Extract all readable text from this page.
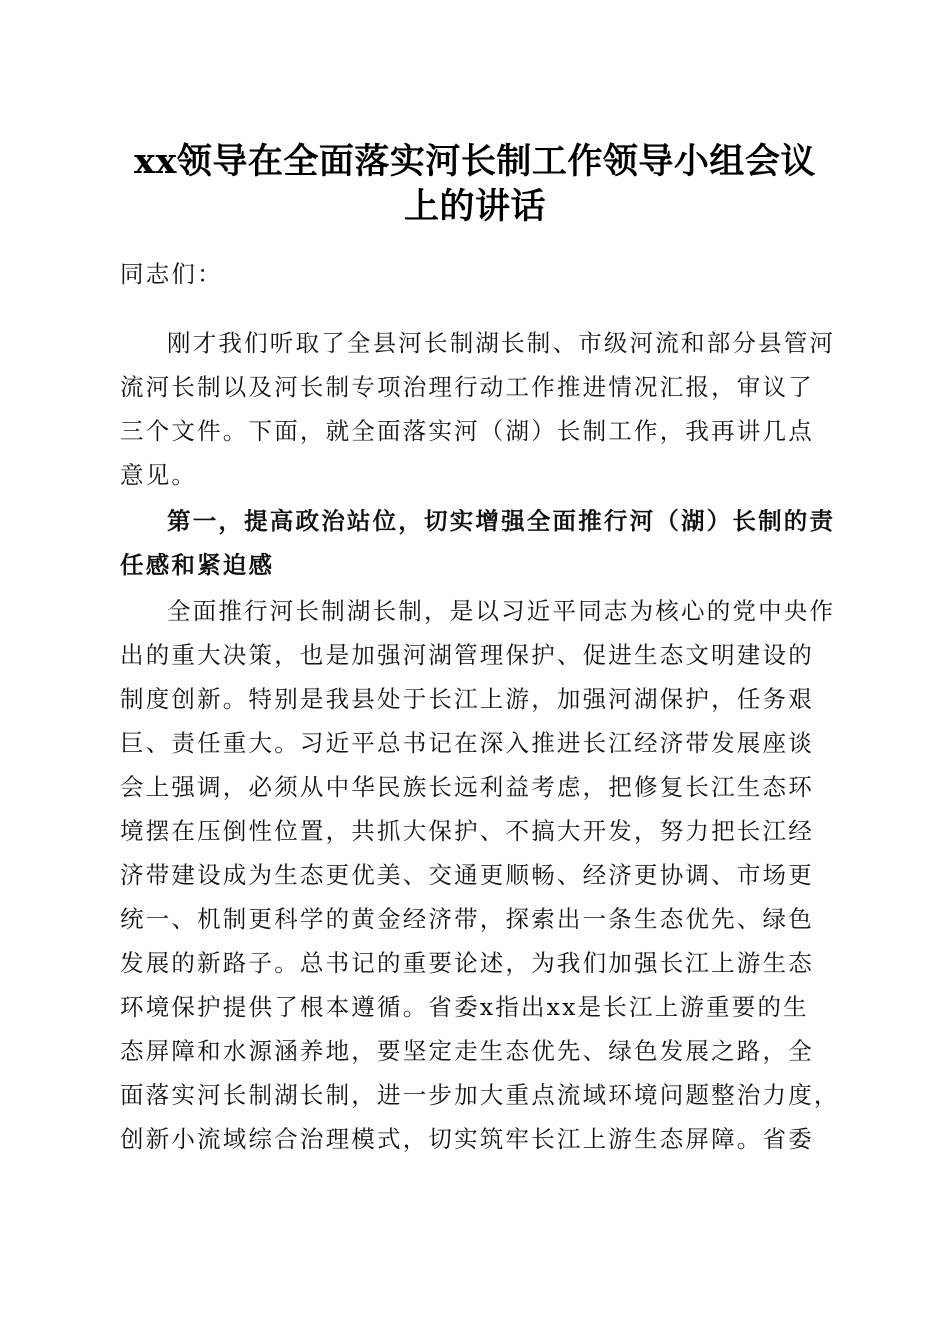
xx领导在全面落实河长制工作领导小组会议
上的讲话
同志们：
刚才我们听取了全县河长制湖长制、市级河流和部分县管河
流河长制以及河长制专项治理行动工作推进情况汇报，审议了
三个文件。下面，就全面落实河（湖）长制工作，我再讲几点
意见。
第一，提高政治站位，切实增强全面推行河（湖）长制的责
任感和紧迫感
全面推行河长制湖长制，是以习近平同志为核心的党中央作
出的重大决策，也是加强河湖管理保护、促进生态文明建设的
制度创新。特别是我县处于长江上游，加强河湖保护，任务艰
巨、责任重大。习近平总书记在深入推进长江经济带发展座谈
会上强调，必须从中华民族长远利益考虑，把修复长江生态环
境摆在压倒性位置，共抓大保护、不搞大开发，努力把长江经
济带建设成为生态更优美、交通更顺畅、经济更协调、市场更
统一、机制更科学的黄金经济带，探索出一条生态优先、绿色
发展的新路子。总书记的重要论述，为我们加强长江上游生态
环境保护提供了根本遵循。省委x指出xx是长江上游重要的生
态屏障和水源涵养地，要坚定走生态优先、绿色发展之路，全
面落实河长制湖长制，进一步加大重点流域环境问题整治力度，
创新小流域综合治理模式，切实筑牢长江上游生态屏障。省委
